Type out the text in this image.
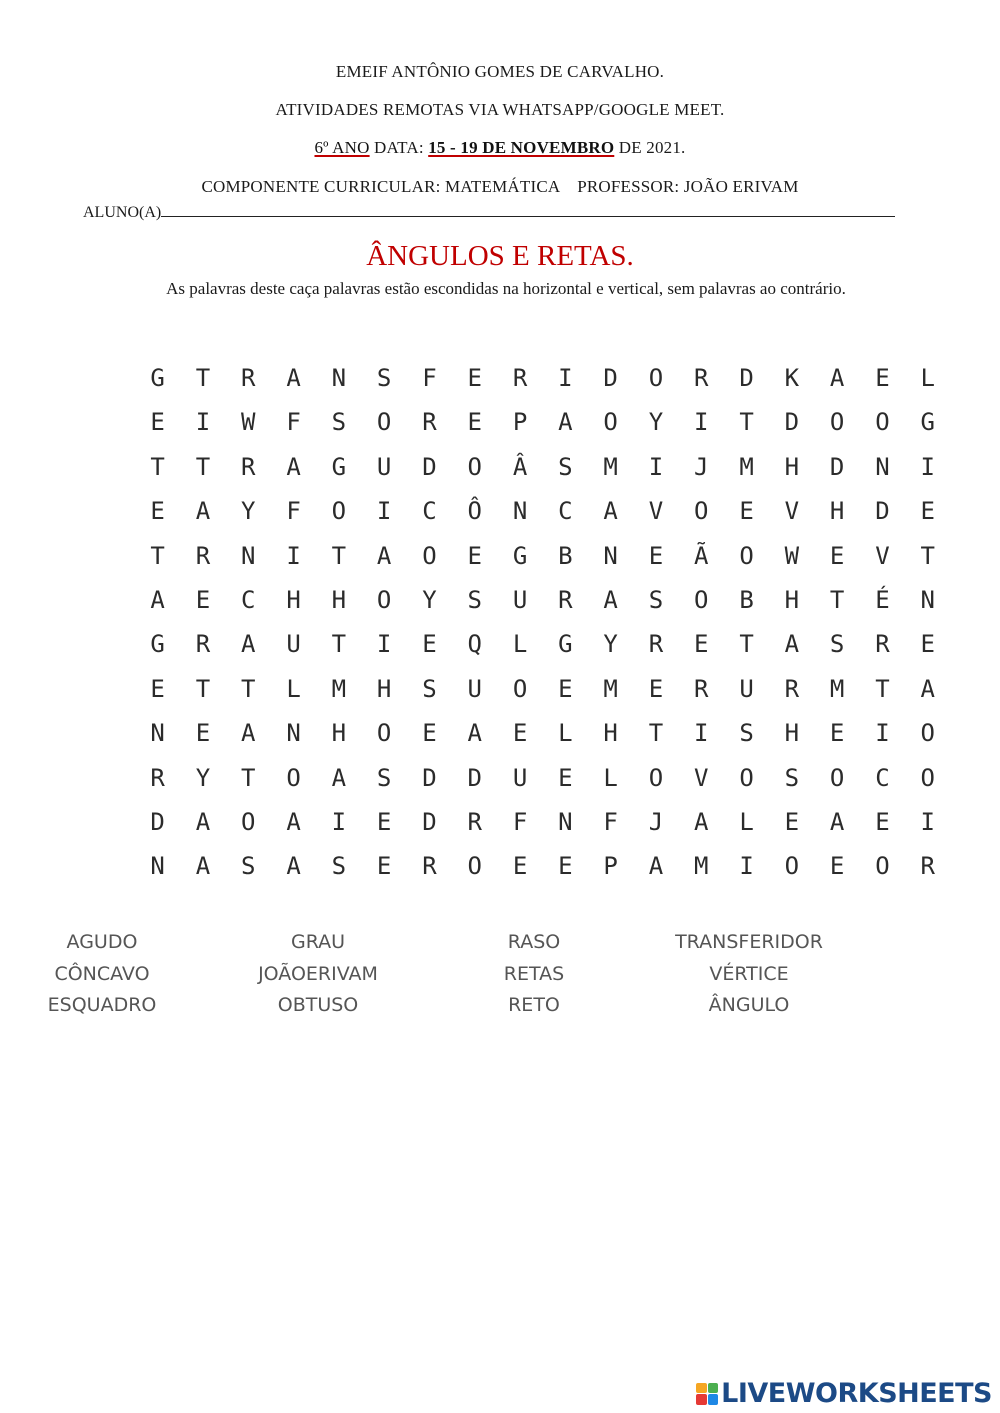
EMEIF ANTÔNIO GOMES DE CARVALHO.
ATIVIDADES REMOTAS VIA WHATSAPP/GOOGLE MEET.
6º ANO DATA: 15 - 19 DE NOVEMBRO DE 2021.
COMPONENTE CURRICULAR: MATEMÁTICA    PROFESSOR: JOÃO ERIVAM
ALUNO(A)
ÂNGULOS E RETAS.
As palavras deste caça palavras estão escondidas na horizontal e vertical, sem palavras ao contrário.
G	T	R	A	N	S	F	E	R	I	D	O	R	D	K	A	E	L
E	I	W	F	S	O	R	E	P	A	O	Y	I	T	D	O	O	G
T	T	R	A	G	U	D	O	Â	S	M	I	J	M	H	D	N	I
E	A	Y	F	O	I	C	Ô	N	C	A	V	O	E	V	H	D	E
T	R	N	I	T	A	O	E	G	B	N	E	Ã	O	W	E	V	T
A	E	C	H	H	O	Y	S	U	R	A	S	O	B	H	T	É	N
G	R	A	U	T	I	E	Q	L	G	Y	R	E	T	A	S	R	E
E	T	T	L	M	H	S	U	O	E	M	E	R	U	R	M	T	A
N	E	A	N	H	O	E	A	E	L	H	T	I	S	H	E	I	O
R	Y	T	O	A	S	D	D	U	E	L	O	V	O	S	O	C	O
D	A	O	A	I	E	D	R	F	N	F	J	A	L	E	A	E	I
N	A	S	A	S	E	R	O	E	E	P	A	M	I	O	E	O	R
AGUDO
CÔNCAVO
ESQUADRO
GRAU
JOÃOERIVAM
OBTUSO
RASO
RETAS
RETO
TRANSFERIDOR
VÉRTICE
ÂNGULO
LIVEWORKSHEETS
